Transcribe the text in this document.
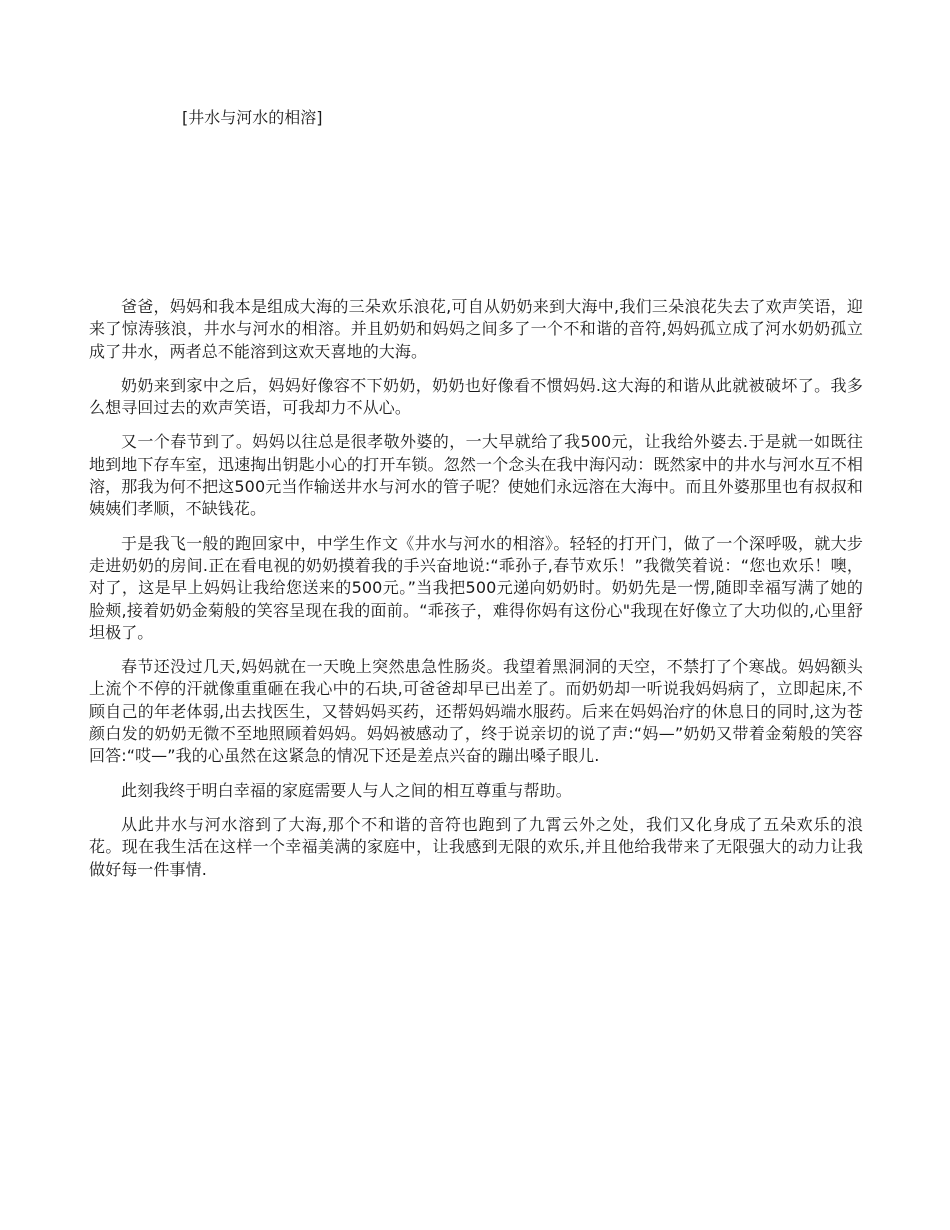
[井水与河水的相溶]

爸爸，妈妈和我本是组成大海的三朵欢乐浪花,可自从奶奶来到大海中,我们三朵浪花失去了欢声笑语，迎来了惊涛骇浪，井水与河水的相溶。并且奶奶和妈妈之间多了一个不和谐的音符,妈妈孤立成了河水奶奶孤立成了井水，两者总不能溶到这欢天喜地的大海。

奶奶来到家中之后，妈妈好像容不下奶奶，奶奶也好像看不惯妈妈.这大海的和谐从此就被破坏了。我多么想寻回过去的欢声笑语，可我却力不从心。

又一个春节到了。妈妈以往总是很孝敬外婆的，一大早就给了我500元，让我给外婆去.于是就一如既往地到地下存车室，迅速掏出钥匙小心的打开车锁。忽然一个念头在我中海闪动：既然家中的井水与河水互不相溶，那我为何不把这500元当作输送井水与河水的管子呢？使她们永远溶在大海中。而且外婆那里也有叔叔和姨姨们孝顺，不缺钱花。

于是我飞一般的跑回家中，中学生作文《井水与河水的相溶》。轻轻的打开门，做了一个深呼吸，就大步走进奶奶的房间.正在看电视的奶奶摸着我的手兴奋地说:“乖孙子,春节欢乐！”我微笑着说：“您也欢乐！噢，对了，这是早上妈妈让我给您送来的500元。”当我把500元递向奶奶时。奶奶先是一愣,随即幸福写满了她的脸颊,接着奶奶金菊般的笑容呈现在我的面前。“乖孩子，难得你妈有这份心"我现在好像立了大功似的,心里舒坦极了。

春节还没过几天,妈妈就在一天晚上突然患急性肠炎。我望着黑洞洞的天空，不禁打了个寒战。妈妈额头上流个不停的汗就像重重砸在我心中的石块,可爸爸却早已出差了。而奶奶却一听说我妈妈病了，立即起床,不顾自己的年老体弱,出去找医生，又替妈妈买药，还帮妈妈端水服药。后来在妈妈治疗的休息日的同时,这为苍颜白发的奶奶无微不至地照顾着妈妈。妈妈被感动了，终于说亲切的说了声:“妈—”奶奶又带着金菊般的笑容回答:“哎—”我的心虽然在这紧急的情况下还是差点兴奋的蹦出嗓子眼儿.

此刻我终于明白幸福的家庭需要人与人之间的相互尊重与帮助。

从此井水与河水溶到了大海,那个不和谐的音符也跑到了九霄云外之处，我们又化身成了五朵欢乐的浪花。现在我生活在这样一个幸福美满的家庭中，让我感到无限的欢乐,并且他给我带来了无限强大的动力让我做好每一件事情.
